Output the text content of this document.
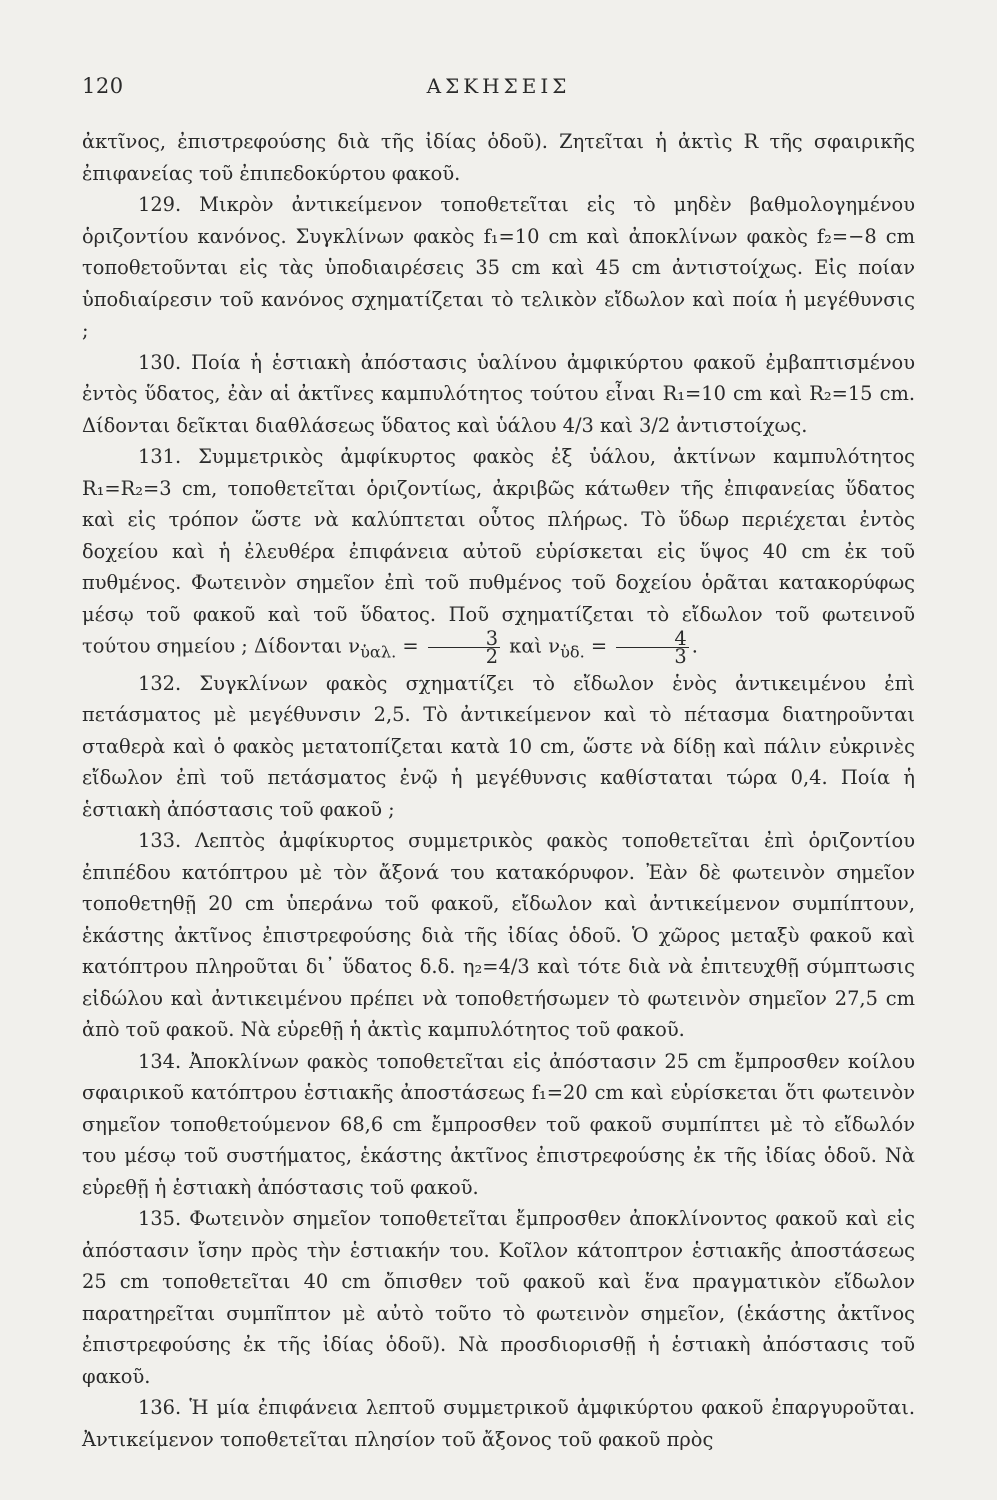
120	ΑΣΚΗΣΕΙΣ

ἀκτῖνος, ἐπιστρεφούσης διὰ τῆς ἰδίας ὁδοῦ). Ζητεῖται ἡ ἀκτὶς R τῆς σφαιρικῆς ἐπιφανείας τοῦ ἐπιπεδοκύρτου φακοῦ.

129. Μικρὸν ἀντικείμενον τοποθετεῖται εἰς τὸ μηδὲν βαθμολογημένου ὁριζοντίου κανόνος. Συγκλίνων φακὸς f₁=10 cm καὶ ἀποκλίνων φακὸς f₂=−8 cm τοποθετοῦνται εἰς τὰς ὑποδιαιρέσεις 35 cm καὶ 45 cm ἀντιστοίχως. Εἰς ποίαν ὑποδιαίρεσιν τοῦ κανόνος σχηματίζεται τὸ τελικὸν εἴδωλον καὶ ποία ἡ μεγέθυνσις ;

130. Ποία ἡ ἑστιακὴ ἀπόστασις ὑαλίνου ἀμφικύρτου φακοῦ ἐμβαπτισμένου ἐντὸς ὕδατος, ἐὰν αἱ ἀκτῖνες καμπυλότητος τούτου εἶναι R₁=10 cm καὶ R₂=15 cm. Δίδονται δεῖκται διαθλάσεως ὕδατος καὶ ὑάλου 4/3 καὶ 3/2 ἀντιστοίχως.

131. Συμμετρικὸς ἀμφίκυρτος φακὸς ἐξ ὑάλου, ἀκτίνων καμπυλότητος R₁=R₂=3 cm, τοποθετεῖται ὁριζοντίως, ἀκριβῶς κάτωθεν τῆς ἐπιφανείας ὕδατος καὶ εἰς τρόπον ὥστε νὰ καλύπτεται οὗτος πλήρως. Τὸ ὕδωρ περιέχεται ἐντὸς δοχείου καὶ ἡ ἐλευθέρα ἐπιφάνεια αὐτοῦ εὑρίσκεται εἰς ὕψος 40 cm ἐκ τοῦ πυθμένος. Φωτεινὸν σημεῖον ἐπὶ τοῦ πυθμένος τοῦ δοχείου ὁρᾶται κατακορύφως μέσῳ τοῦ φακοῦ καὶ τοῦ ὕδατος. Ποῦ σχηματίζεται τὸ εἴδωλον τοῦ φωτεινοῦ τούτου σημείου ; Δίδονται $\nu_{ὑ\alpha\lambda.} = \frac{3}{2}$ καὶ $\nu_{ὑ\delta.} = \frac{4}{3}$ .

132. Συγκλίνων φακὸς σχηματίζει τὸ εἴδωλον ἑνὸς ἀντικειμένου ἐπὶ πετάσματος μὲ μεγέθυνσιν 2,5. Τὸ ἀντικείμενον καὶ τὸ πέτασμα διατηροῦνται σταθερὰ καὶ ὁ φακὸς μετατοπίζεται κατὰ 10 cm, ὥστε νὰ δίδῃ καὶ πάλιν εὐκρινὲς εἴδωλον ἐπὶ τοῦ πετάσματος ἐνῷ ἡ μεγέθυνσις καθίσταται τώρα 0,4. Ποία ἡ ἑστιακὴ ἀπόστασις τοῦ φακοῦ ;

133. Λεπτὸς ἀμφίκυρτος συμμετρικὸς φακὸς τοποθετεῖται ἐπὶ ὁριζοντίου ἐπιπέδου κατόπτρου μὲ τὸν ἄξονά του κατακόρυφον. Ἐὰν δὲ φωτεινὸν σημεῖον τοποθετηθῇ 20 cm ὑπεράνω τοῦ φακοῦ, εἴδωλον καὶ ἀντικείμενον συμπίπτουν, ἑκάστης ἀκτῖνος ἐπιστρεφούσης διὰ τῆς ἰδίας ὁδοῦ. Ὁ χῶρος μεταξὺ φακοῦ καὶ κατόπτρου πληροῦται δι᾽ ὕδατος δ.δ. η₂=4/3 καὶ τότε διὰ νὰ ἐπιτευχθῇ σύμπτωσις εἰδώλου καὶ ἀντικειμένου πρέπει νὰ τοποθετήσωμεν τὸ φωτεινὸν σημεῖον 27,5 cm ἀπὸ τοῦ φακοῦ. Νὰ εὑρεθῇ ἡ ἀκτὶς καμπυλότητος τοῦ φακοῦ.

134. Ἀποκλίνων φακὸς τοποθετεῖται εἰς ἀπόστασιν 25 cm ἔμπροσθεν κοίλου σφαιρικοῦ κατόπτρου ἑστιακῆς ἀποστάσεως f₁=20 cm καὶ εὑρίσκεται ὅτι φωτεινὸν σημεῖον τοποθετούμενον 68,6 cm ἔμπροσθεν τοῦ φακοῦ συμπίπτει μὲ τὸ εἴδωλόν του μέσῳ τοῦ συστήματος, ἑκάστης ἀκτῖνος ἐπιστρεφούσης ἐκ τῆς ἰδίας ὁδοῦ. Νὰ εὑρεθῇ ἡ ἑστιακὴ ἀπόστασις τοῦ φακοῦ.

135. Φωτεινὸν σημεῖον τοποθετεῖται ἔμπροσθεν ἀποκλίνοντος φακοῦ καὶ εἰς ἀπόστασιν ἴσην πρὸς τὴν ἑστιακήν του. Κοῖλον κάτοπτρον ἑστιακῆς ἀποστάσεως 25 cm τοποθετεῖται 40 cm ὄπισθεν τοῦ φακοῦ καὶ ἕνα πραγματικὸν εἴδωλον παρατηρεῖται συμπῖπτον μὲ αὐτὸ τοῦτο τὸ φωτεινὸν σημεῖον, (ἑκάστης ἀκτῖνος ἐπιστρεφούσης ἐκ τῆς ἰδίας ὁδοῦ). Νὰ προσδιορισθῇ ἡ ἑστιακὴ ἀπόστασις τοῦ φακοῦ.

136. Ἡ μία ἐπιφάνεια λεπτοῦ συμμετρικοῦ ἀμφικύρτου φακοῦ ἐπαργυροῦται. Ἀντικείμενον τοποθετεῖται πλησίον τοῦ ἄξονος τοῦ φακοῦ πρὸς
